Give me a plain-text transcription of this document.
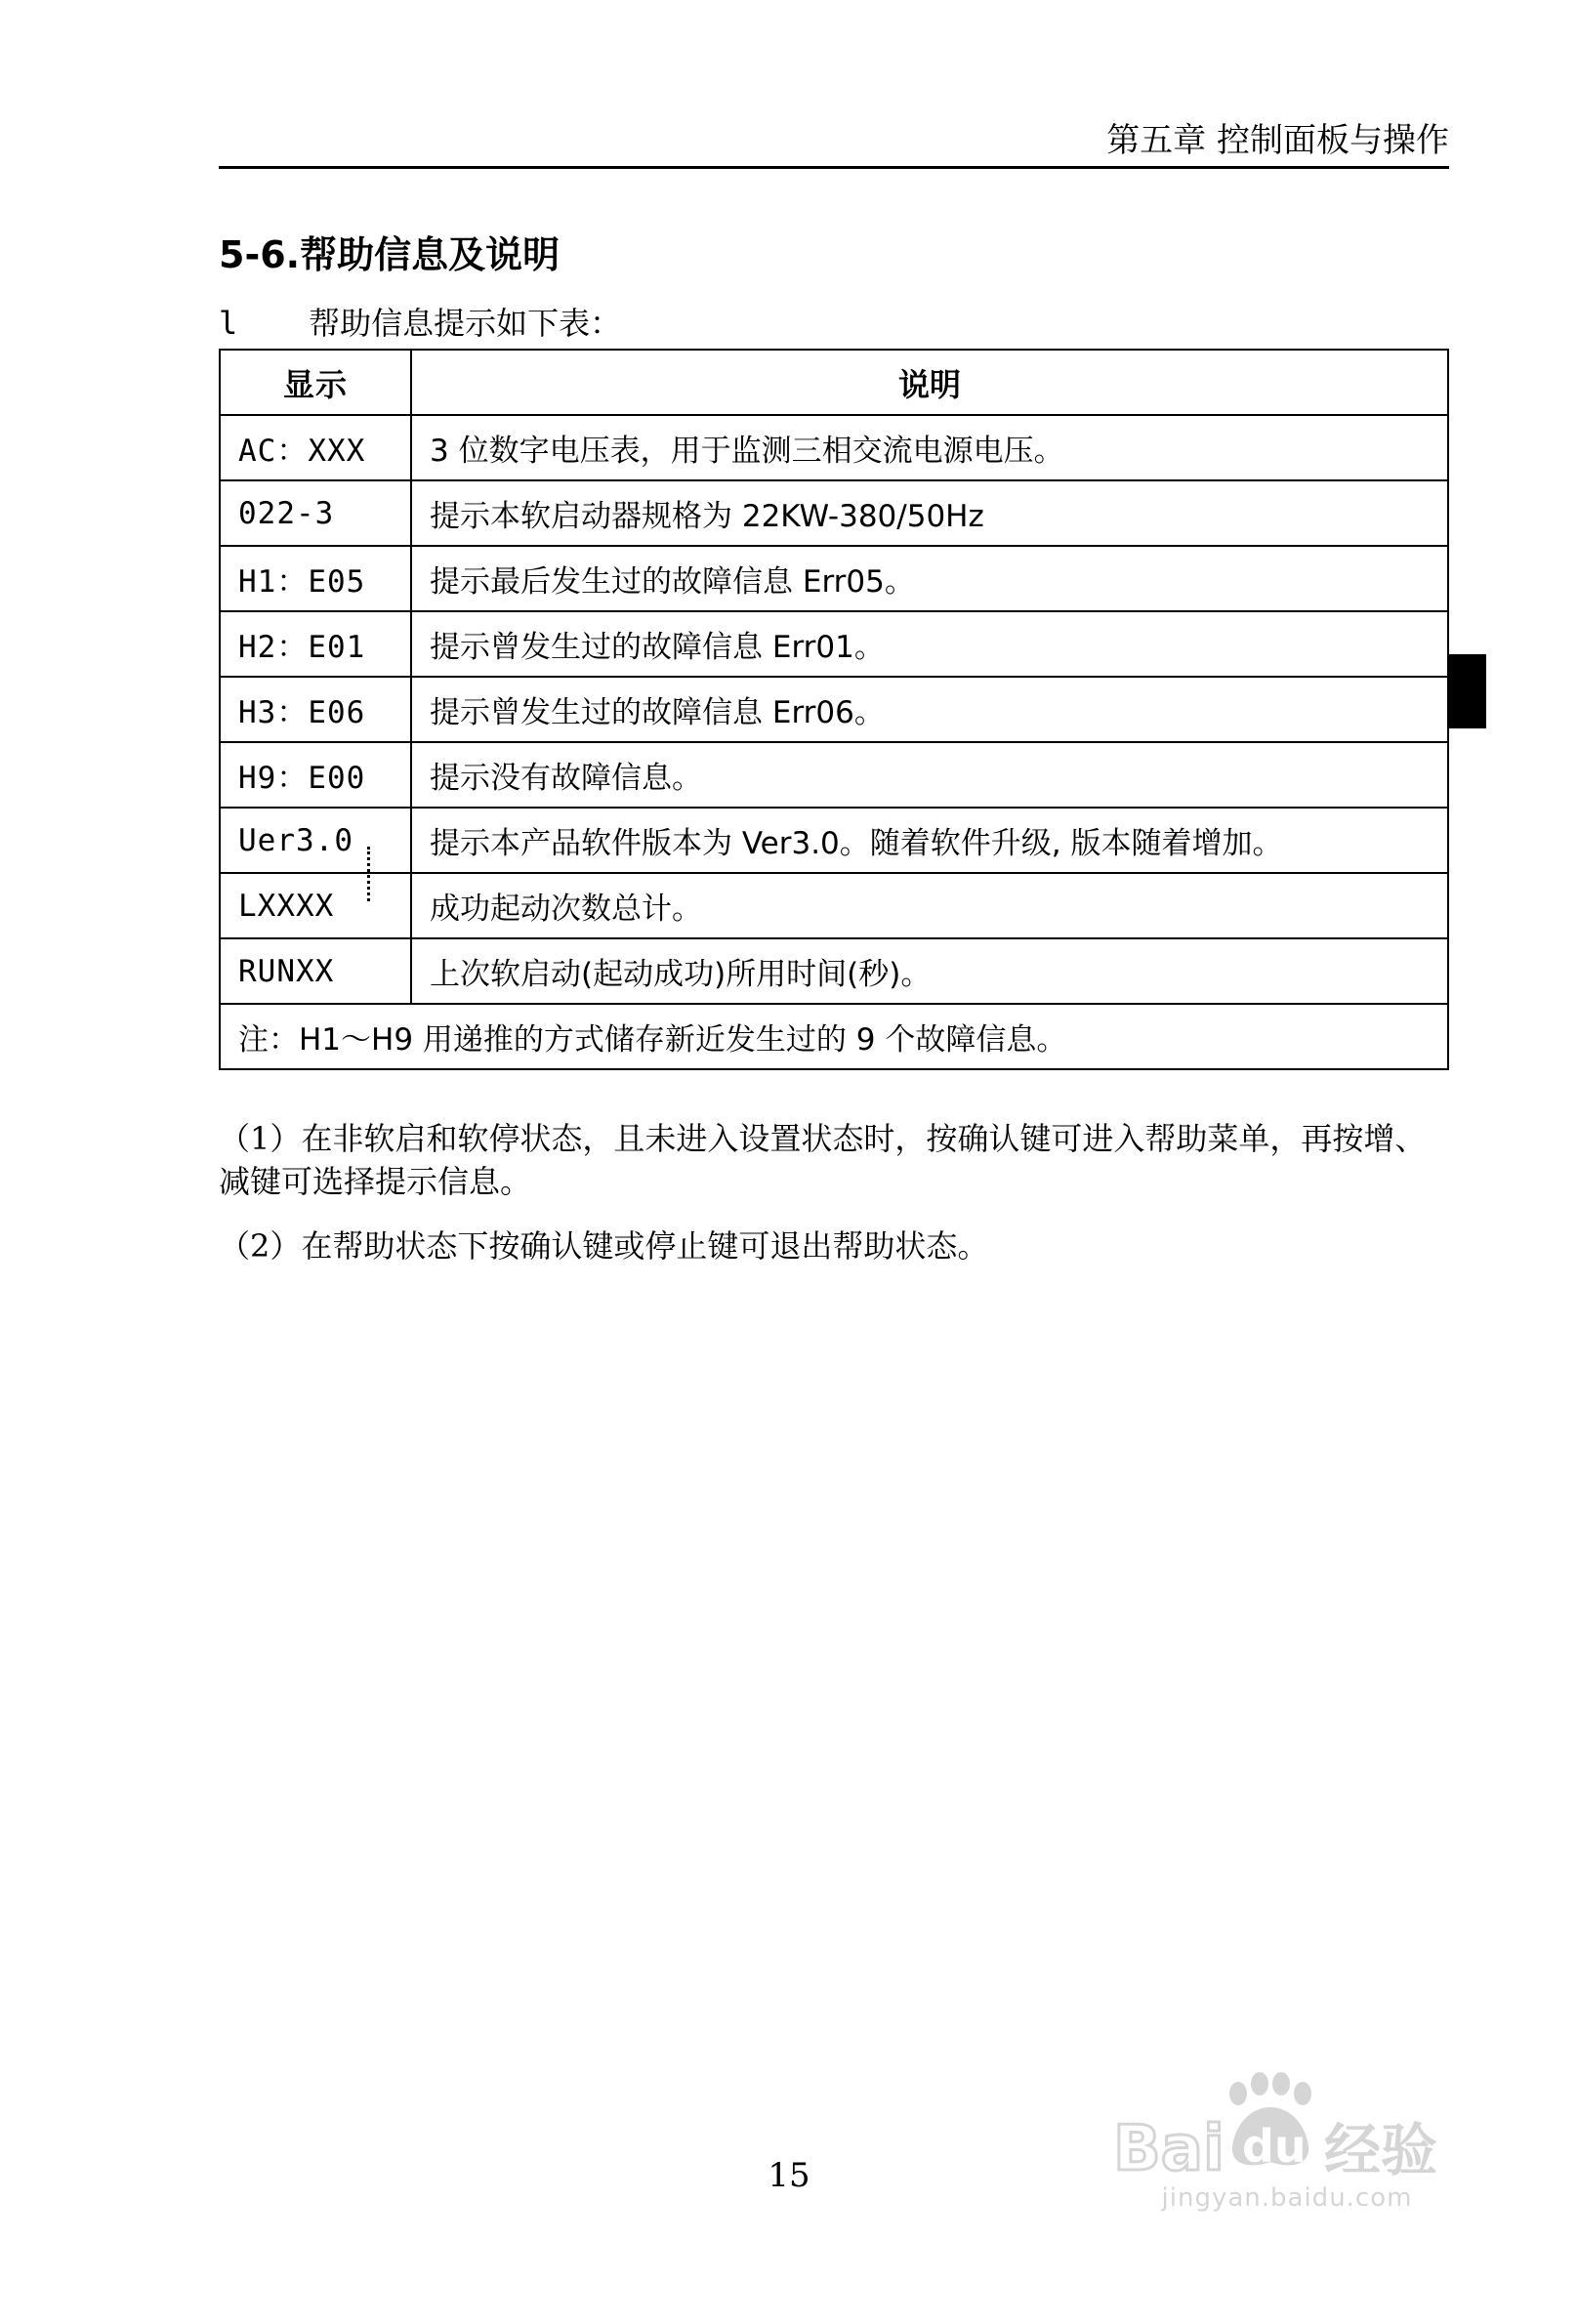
第五章 控制面板与操作
5-6.帮助信息及说明
l 帮助信息提示如下表：
显示	说明
AC：XXX	3 位数字电压表，用于监测三相交流电源电压。
022-3	提示本软启动器规格为 22KW-380/50Hz
H1：E05	提示最后发生过的故障信息 Err05。
H2：E01	提示曾发生过的故障信息 Err01。
H3：E06	提示曾发生过的故障信息 Err06。
H9：E00	提示没有故障信息。
Uer3.0	提示本产品软件版本为 Ver3.0。随着软件升级, 版本随着增加。
LXXXX	成功起动次数总计。
RUNXX	上次软启动(起动成功)所用时间(秒)。
注：H1～H9 用递推的方式储存新近发生过的 9 个故障信息。	
（1）在非软启和软停状态，且未进入设置状态时，按确认键可进入帮助菜单，再按增、减键可选择提示信息。
（2）在帮助状态下按确认键或停止键可退出帮助状态。
15	Bai du 经验
jingyan.baidu.com
